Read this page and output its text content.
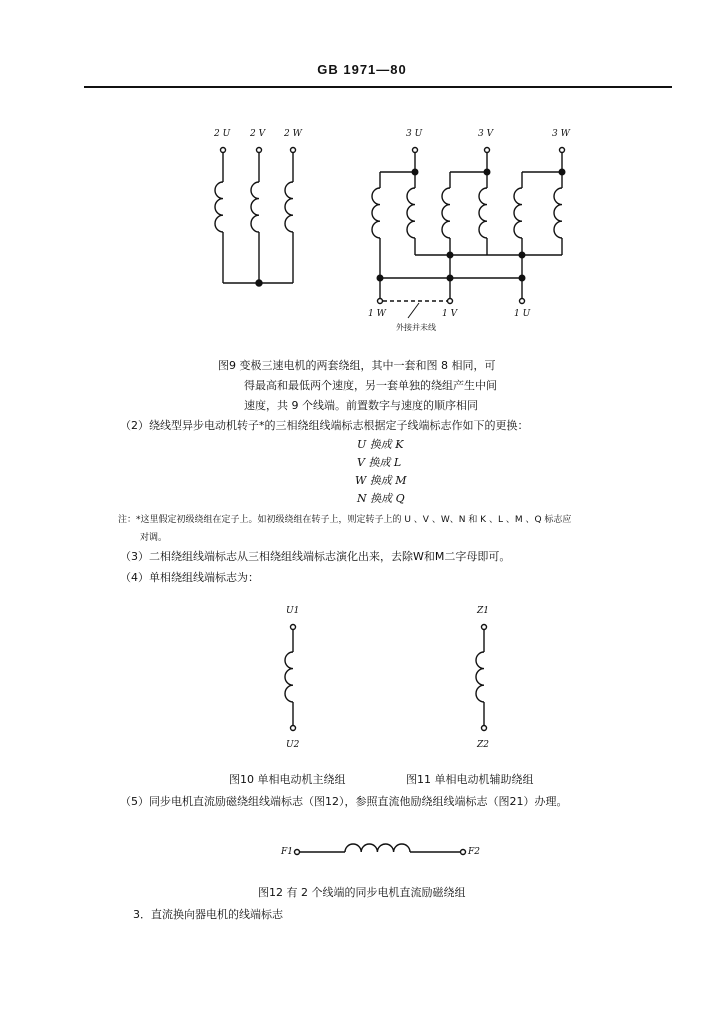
GB 1971—80
2 U 2 V 2 W	3 U	3 V	3 W
1 W	1 V	1 U
外接并未线
图9 变极三速电机的两套绕组，其中一套和图 8 相同，可
得最高和最低两个速度，另一套单独的绕组产生中间
速度，共 9 个线端。前置数字与速度的顺序相同
（2）绕线型异步电动机转子*的三相绕组线端标志根据定子线端标志作如下的更换：
U 换成 K
V 换成 L
W 换成 M
N 换成 Q
注：*这里假定初级绕组在定子上。如初级绕组在转子上，则定转子上的 U 、V 、W、N 和 K 、L 、M 、Q 标志应
对调。
（3）二相绕组线端标志从三相绕组线端标志演化出来，去除W和M二字母即可。
（4）单相绕组线端标志为：
U1
U2
Z1
Z2
图10 单相电动机主绕组	图11 单相电动机辅助绕组
（5）同步电机直流励磁绕组线端标志（图12），参照直流他励绕组线端标志（图21）办理。
F1	F2
图12 有 2 个线端的同步电机直流励磁绕组
3．直流换向器电机的线端标志
